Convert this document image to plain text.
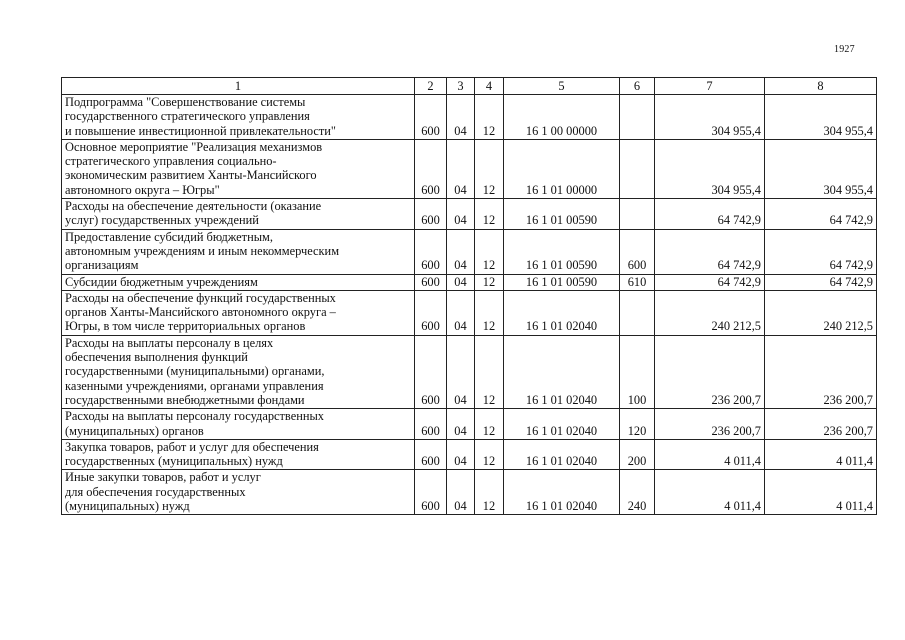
1927
1	2	3	4	5	6	7	8

Подпрограмма "Совершенствование системы
государственного стратегического управления
и повышение инвестиционной привлекательности"	600	04	12	16 1 00 00000		304 955,4	304 955,4

Основное мероприятие "Реализация механизмов
стратегического управления социально-
экономическим развитием Ханты-Мансийского
автономного округа – Югры"	600	04	12	16 1 01 00000		304 955,4	304 955,4

Расходы на обеспечение деятельности (оказание
услуг) государственных учреждений	600	04	12	16 1 01 00590		64 742,9	64 742,9

Предоставление субсидий бюджетным,
автономным учреждениям и иным некоммерческим
организациям	600	04	12	16 1 01 00590	600	64 742,9	64 742,9

Субсидии бюджетным учреждениям	600	04	12	16 1 01 00590	610	64 742,9	64 742,9

Расходы на обеспечение функций государственных
органов Ханты-Мансийского автономного округа –
Югры, в том числе территориальных органов	600	04	12	16 1 01 02040		240 212,5	240 212,5

Расходы на выплаты персоналу в целях
обеспечения выполнения функций
государственными (муниципальными) органами,
казенными учреждениями, органами управления
государственными внебюджетными фондами	600	04	12	16 1 01 02040	100	236 200,7	236 200,7

Расходы на выплаты персоналу государственных
(муниципальных) органов	600	04	12	16 1 01 02040	120	236 200,7	236 200,7

Закупка товаров, работ и услуг для обеспечения
государственных (муниципальных) нужд	600	04	12	16 1 01 02040	200	4 011,4	4 011,4

Иные закупки товаров, работ и услуг
для обеспечения государственных
(муниципальных) нужд	600	04	12	16 1 01 02040	240	4 011,4	4 011,4
